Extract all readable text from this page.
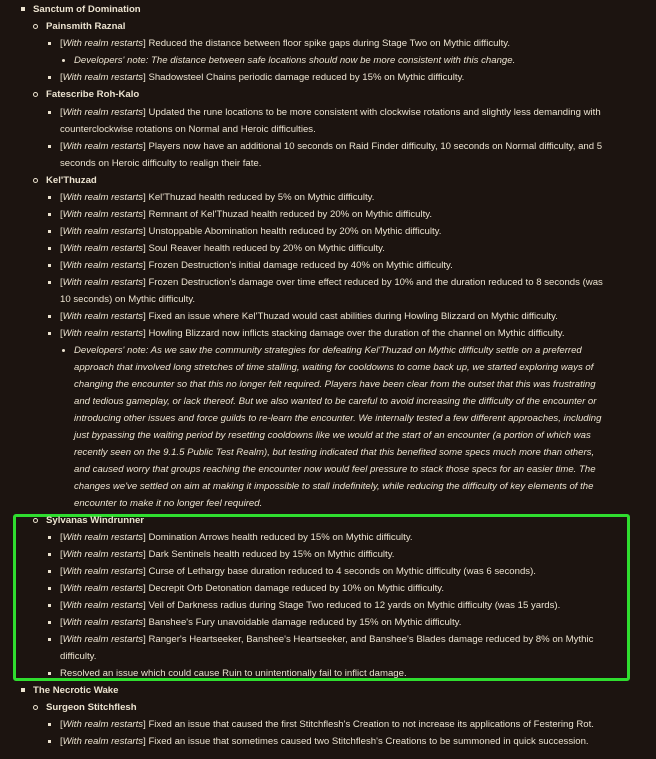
Sanctum of Domination
Painsmith Raznal
[With realm restarts] Reduced the distance between floor spike gaps during Stage Two on Mythic difficulty.
Developers' note: The distance between safe locations should now be more consistent with this change.
[With realm restarts] Shadowsteel Chains periodic damage reduced by 15% on Mythic difficulty.
Fatescribe Roh-Kalo
[With realm restarts] Updated the rune locations to be more consistent with clockwise rotations and slightly less demanding with
counterclockwise rotations on Normal and Heroic difficulties.
[With realm restarts] Players now have an additional 10 seconds on Raid Finder difficulty, 10 seconds on Normal difficulty, and 5
seconds on Heroic difficulty to realign their fate.
Kel'Thuzad
[With realm restarts] Kel'Thuzad health reduced by 5% on Mythic difficulty.
[With realm restarts] Remnant of Kel'Thuzad health reduced by 20% on Mythic difficulty.
[With realm restarts] Unstoppable Abomination health reduced by 20% on Mythic difficulty.
[With realm restarts] Soul Reaver health reduced by 20% on Mythic difficulty.
[With realm restarts] Frozen Destruction's initial damage reduced by 40% on Mythic difficulty.
[With realm restarts] Frozen Destruction's damage over time effect reduced by 10% and the duration reduced to 8 seconds (was
10 seconds) on Mythic difficulty.
[With realm restarts] Fixed an issue where Kel'Thuzad would cast abilities during Howling Blizzard on Mythic difficulty.
[With realm restarts] Howling Blizzard now inflicts stacking damage over the duration of the channel on Mythic difficulty.
Developers' note: As we saw the community strategies for defeating Kel'Thuzad on Mythic difficulty settle on a preferred
approach that involved long stretches of time stalling, waiting for cooldowns to come back up, we started exploring ways of
changing the encounter so that this no longer felt required. Players have been clear from the outset that this was frustrating
and tedious gameplay, or lack thereof. But we also wanted to be careful to avoid increasing the difficulty of the encounter or
introducing other issues and force guilds to re-learn the encounter. We internally tested a few different approaches, including
just bypassing the waiting period by resetting cooldowns like we would at the start of an encounter (a portion of which was
recently seen on the 9.1.5 Public Test Realm), but testing indicated that this benefited some specs much more than others,
and caused worry that groups reaching the encounter now would feel pressure to stack those specs for an easier time. The
changes we've settled on aim at making it impossible to stall indefinitely, while reducing the difficulty of key elements of the
encounter to make it no longer feel required.
Sylvanas Windrunner
[With realm restarts] Domination Arrows health reduced by 15% on Mythic difficulty.
[With realm restarts] Dark Sentinels health reduced by 15% on Mythic difficulty.
[With realm restarts] Curse of Lethargy base duration reduced to 4 seconds on Mythic difficulty (was 6 seconds).
[With realm restarts] Decrepit Orb Detonation damage reduced by 10% on Mythic difficulty.
[With realm restarts] Veil of Darkness radius during Stage Two reduced to 12 yards on Mythic difficulty (was 15 yards).
[With realm restarts] Banshee's Fury unavoidable damage reduced by 15% on Mythic difficulty.
[With realm restarts] Ranger's Heartseeker, Banshee's Heartseeker, and Banshee's Blades damage reduced by 8% on Mythic
difficulty.
Resolved an issue which could cause Ruin to unintentionally fail to inflict damage.
The Necrotic Wake
Surgeon Stitchflesh
[With realm restarts] Fixed an issue that caused the first Stitchflesh's Creation to not increase its applications of Festering Rot.
[With realm restarts] Fixed an issue that sometimes caused two Stitchflesh's Creations to be summoned in quick succession.
